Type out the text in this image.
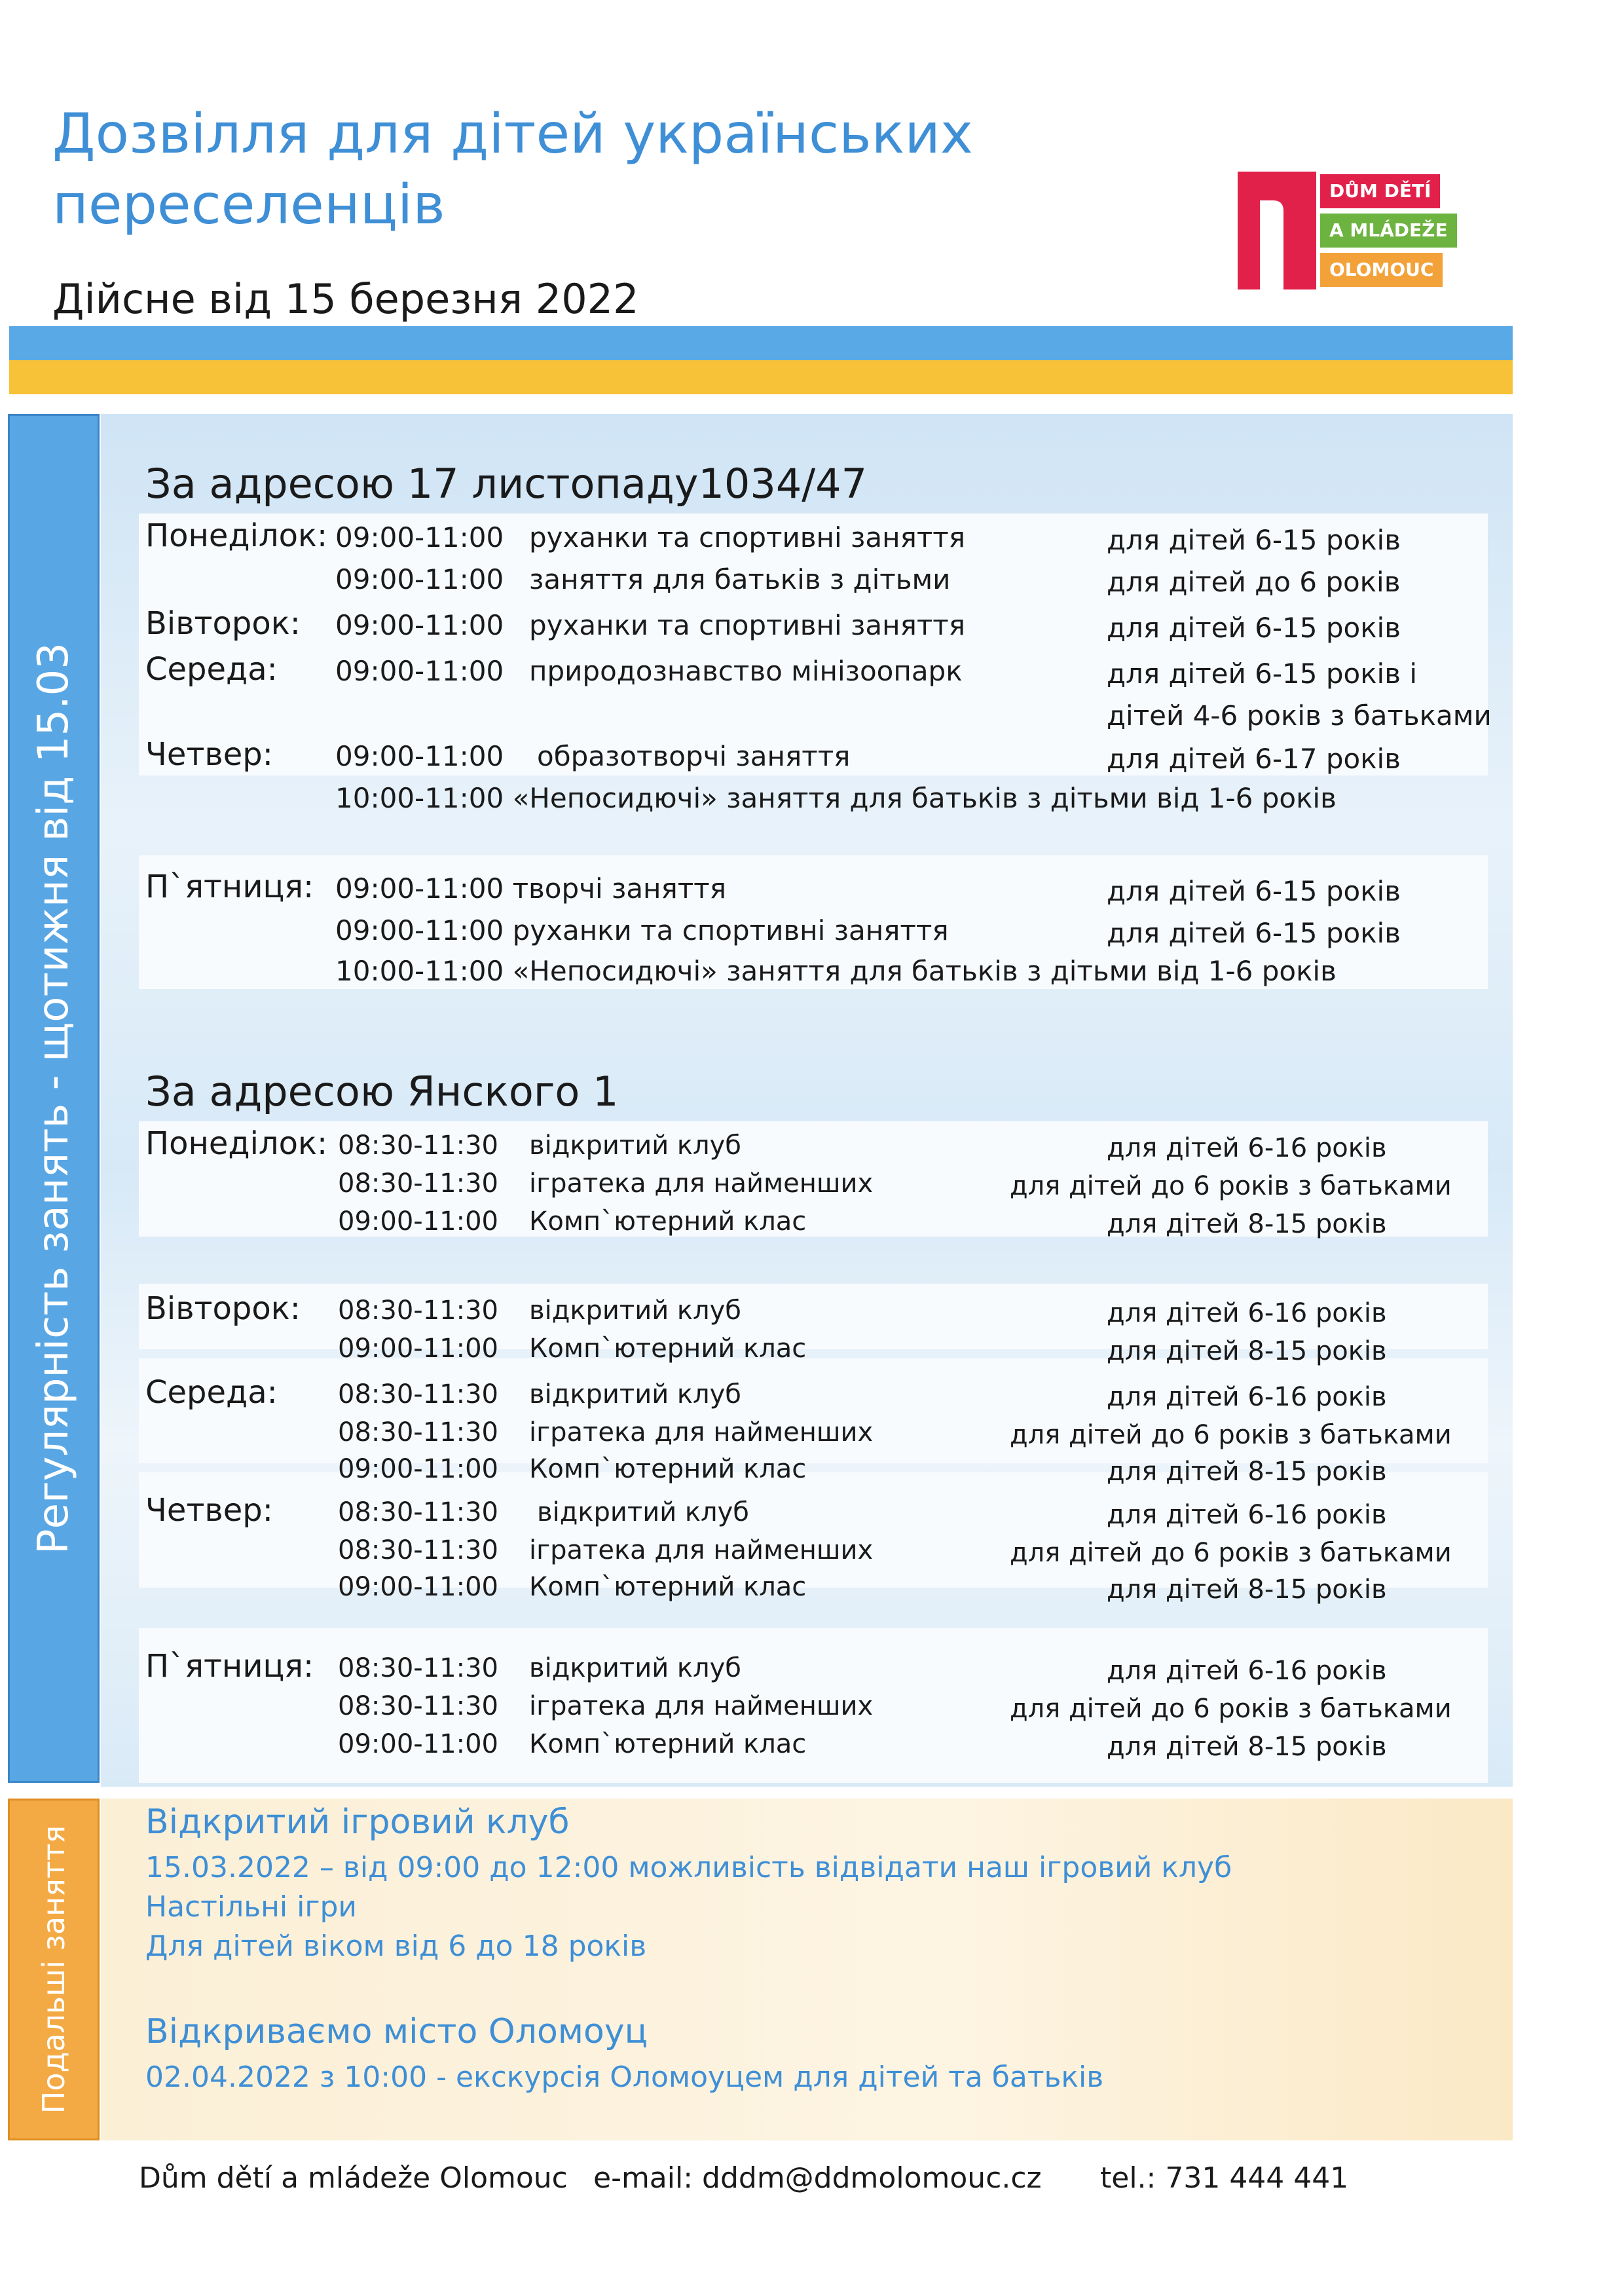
Дозвілля для дітей українських
переселенців
Дійсне від 15 березня 2022
DŮM DĚTÍ
A MLÁDEŽE
OLOMOUC
Регулярність занять - щотижня від 15.03
Подальші заняття
За адресою 17 листопаду1034/47
Понеділок: 09:00-11:00 руханки та спортивні заняття	для дітей 6-15 років
09:00-11:00 заняття для батьків з дітьми	для дітей до 6 років
Вівторок: 09:00-11:00 руханки та спортивні заняття	для дітей 6-15 років
Середа: 09:00-11:00 природознавство мінізоопарк	для дітей 6-15 років і
дітей 4-6 років з батьками
Четвер: 09:00-11:00 образотворчі заняття	для дітей 6-17 років
10:00-11:00 «Непосидючі» заняття для батьків з дітьми від 1-6 років
П`ятниця: 09:00-11:00 творчі заняття	для дітей 6-15 років
09:00-11:00 руханки та спортивні заняття	для дітей 6-15 років
10:00-11:00 «Непосидючі» заняття для батьків з дітьми від 1-6 років
За адресою Янского 1
Понеділок: 08:30-11:30 відкритий клуб	для дітей 6-16 років
08:30-11:30 ігратека для найменших	для дітей до 6 років з батьками
09:00-11:00 Комп`ютерний клас	для дітей 8-15 років
Вівторок: 08:30-11:30 відкритий клуб	для дітей 6-16 років
09:00-11:00 Комп`ютерний клас	для дітей 8-15 років
Середа: 08:30-11:30 відкритий клуб	для дітей 6-16 років
08:30-11:30 ігратека для найменших	для дітей до 6 років з батьками
09:00-11:00 Комп`ютерний клас	для дітей 8-15 років
Четвер: 08:30-11:30 відкритий клуб	для дітей 6-16 років
08:30-11:30 ігратека для найменших	для дітей до 6 років з батьками
09:00-11:00 Комп`ютерний клас	для дітей 8-15 років
П`ятниця: 08:30-11:30 відкритий клуб	для дітей 6-16 років
08:30-11:30 ігратека для найменших	для дітей до 6 років з батьками
09:00-11:00 Комп`ютерний клас	для дітей 8-15 років
Відкритий ігровий клуб
15.03.2022 – від 09:00 до 12:00 можливість відвідати наш ігровий клуб
Настільні ігри
Для дітей віком від 6 до 18 років
Відкриваємо місто Оломоуц
02.04.2022 з 10:00 - екскурсія Оломоуцем для дітей та батьків
Dům dětí a mládeže Olomouc e-mail: dddm@ddmolomouc.cz tel.: 731 444 441
